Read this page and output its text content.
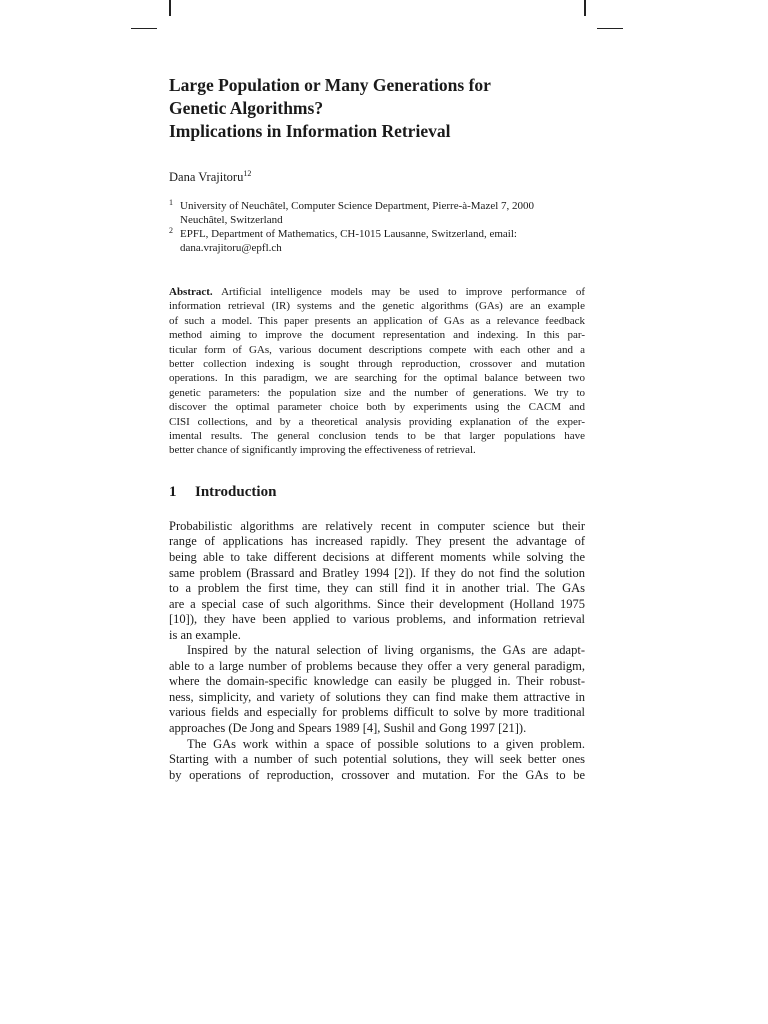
Large Population or Many Generations for
Genetic Algorithms?
Implications in Information Retrieval
Dana Vrajitoru$^{12}$
1 University of Neuchâtel, Computer Science Department, Pierre-à-Mazel 7, 2000
Neuchâtel, Switzerland
2 EPFL, Department of Mathematics, CH-1015 Lausanne, Switzerland, email:
dana.vrajitoru@epfl.ch
Abstract. Artificial intelligence models may be used to improve performance of
information retrieval (IR) systems and the genetic algorithms (GAs) are an example
of such a model. This paper presents an application of GAs as a relevance feedback
method aiming to improve the document representation and indexing. In this par-
ticular form of GAs, various document descriptions compete with each other and a
better collection indexing is sought through reproduction, crossover and mutation
operations. In this paradigm, we are searching for the optimal balance between two
genetic parameters: the population size and the number of generations. We try to
discover the optimal parameter choice both by experiments using the CACM and
CISI collections, and by a theoretical analysis providing explanation of the exper-
imental results. The general conclusion tends to be that larger populations have
better chance of significantly improving the effectiveness of retrieval.
1 Introduction
Probabilistic algorithms are relatively recent in computer science but their
range of applications has increased rapidly. They present the advantage of
being able to take different decisions at different moments while solving the
same problem (Brassard and Bratley 1994 [2]). If they do not find the solution
to a problem the first time, they can still find it in another trial. The GAs
are a special case of such algorithms. Since their development (Holland 1975
[10]), they have been applied to various problems, and information retrieval
is an example.
Inspired by the natural selection of living organisms, the GAs are adapt-
able to a large number of problems because they offer a very general paradigm,
where the domain-specific knowledge can easily be plugged in. Their robust-
ness, simplicity, and variety of solutions they can find make them attractive in
various fields and especially for problems difficult to solve by more traditional
approaches (De Jong and Spears 1989 [4], Sushil and Gong 1997 [21]).
The GAs work within a space of possible solutions to a given problem.
Starting with a number of such potential solutions, they will seek better ones
by operations of reproduction, crossover and mutation. For the GAs to be
